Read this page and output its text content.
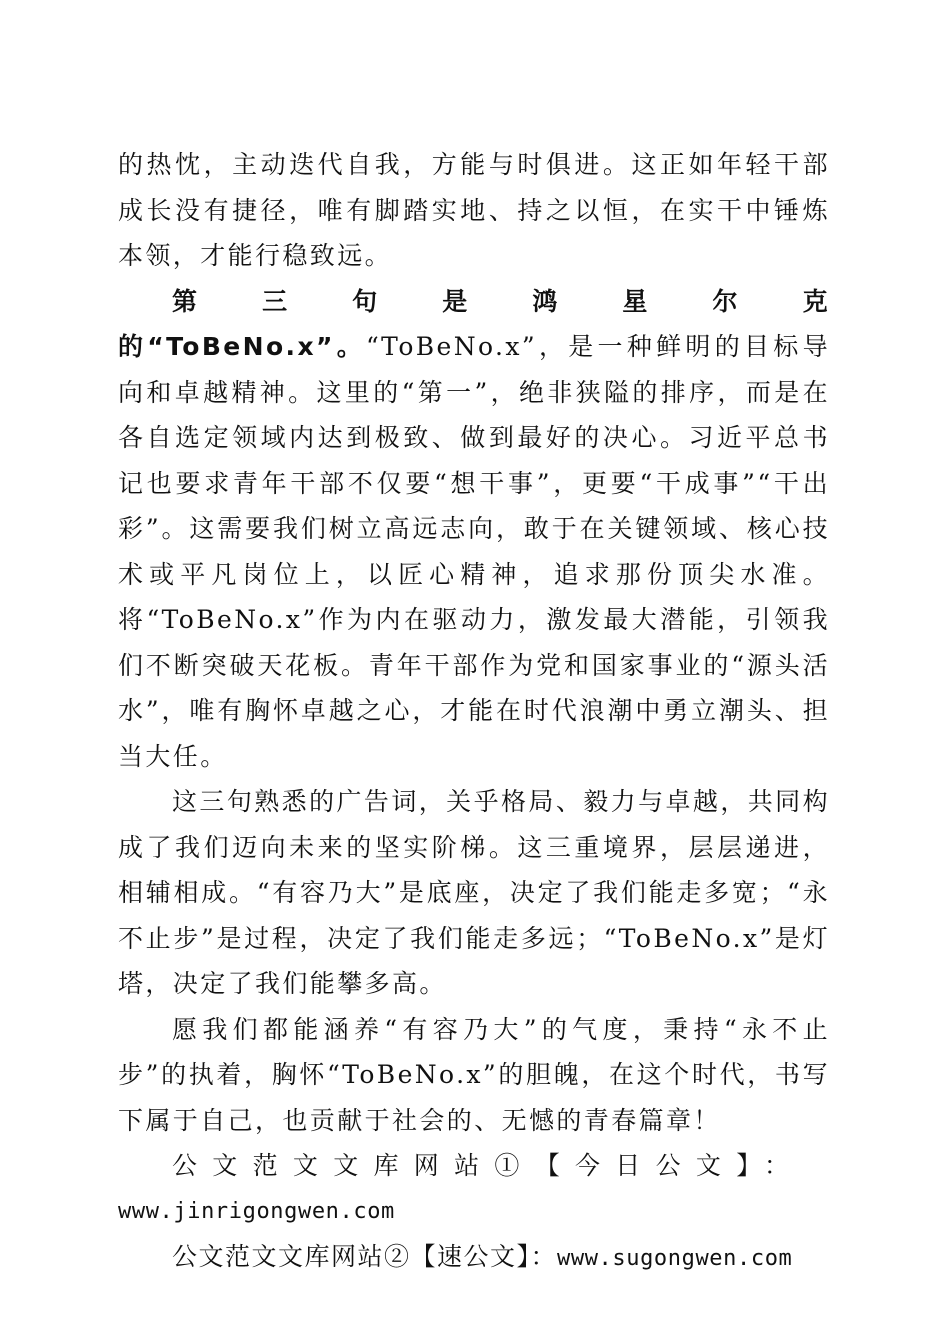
的热忱，主动迭代自我，方能与时俱进。这正如年轻干部成长没有捷径，唯有脚踏实地、持之以恒，在实干中锤炼本领，才能行稳致远。

第三句是鸿星尔克的“ToBeNo.x”。“ToBeNo.x”，是一种鲜明的目标导向和卓越精神。这里的“第一”，绝非狭隘的排序，而是在各自选定领域内达到极致、做到最好的决心。习近平总书记也要求青年干部不仅要“想干事”，更要“干成事”“干出彩”。这需要我们树立高远志向，敢于在关键领域、核心技术或平凡岗位上，以匠心精神，追求那份顶尖水准。将“ToBeNo.x”作为内在驱动力，激发最大潜能，引领我们不断突破天花板。青年干部作为党和国家事业的“源头活水”，唯有胸怀卓越之心，才能在时代浪潮中勇立潮头、担当大任。

这三句熟悉的广告词，关乎格局、毅力与卓越，共同构成了我们迈向未来的坚实阶梯。这三重境界，层层递进，相辅相成。“有容乃大”是底座，决定了我们能走多宽；“永不止步”是过程，决定了我们能走多远；“ToBeNo.x”是灯塔，决定了我们能攀多高。

愿我们都能涵养“有容乃大”的气度，秉持“永不止步”的执着，胸怀“ToBeNo.x”的胆魄，在这个时代，书写下属于自己，也贡献于社会的、无憾的青春篇章！

公文范文文库网站①【今日公文】：
www.jinrigongwen.com

公文范文文库网站②【速公文】：www.sugongwen.com
